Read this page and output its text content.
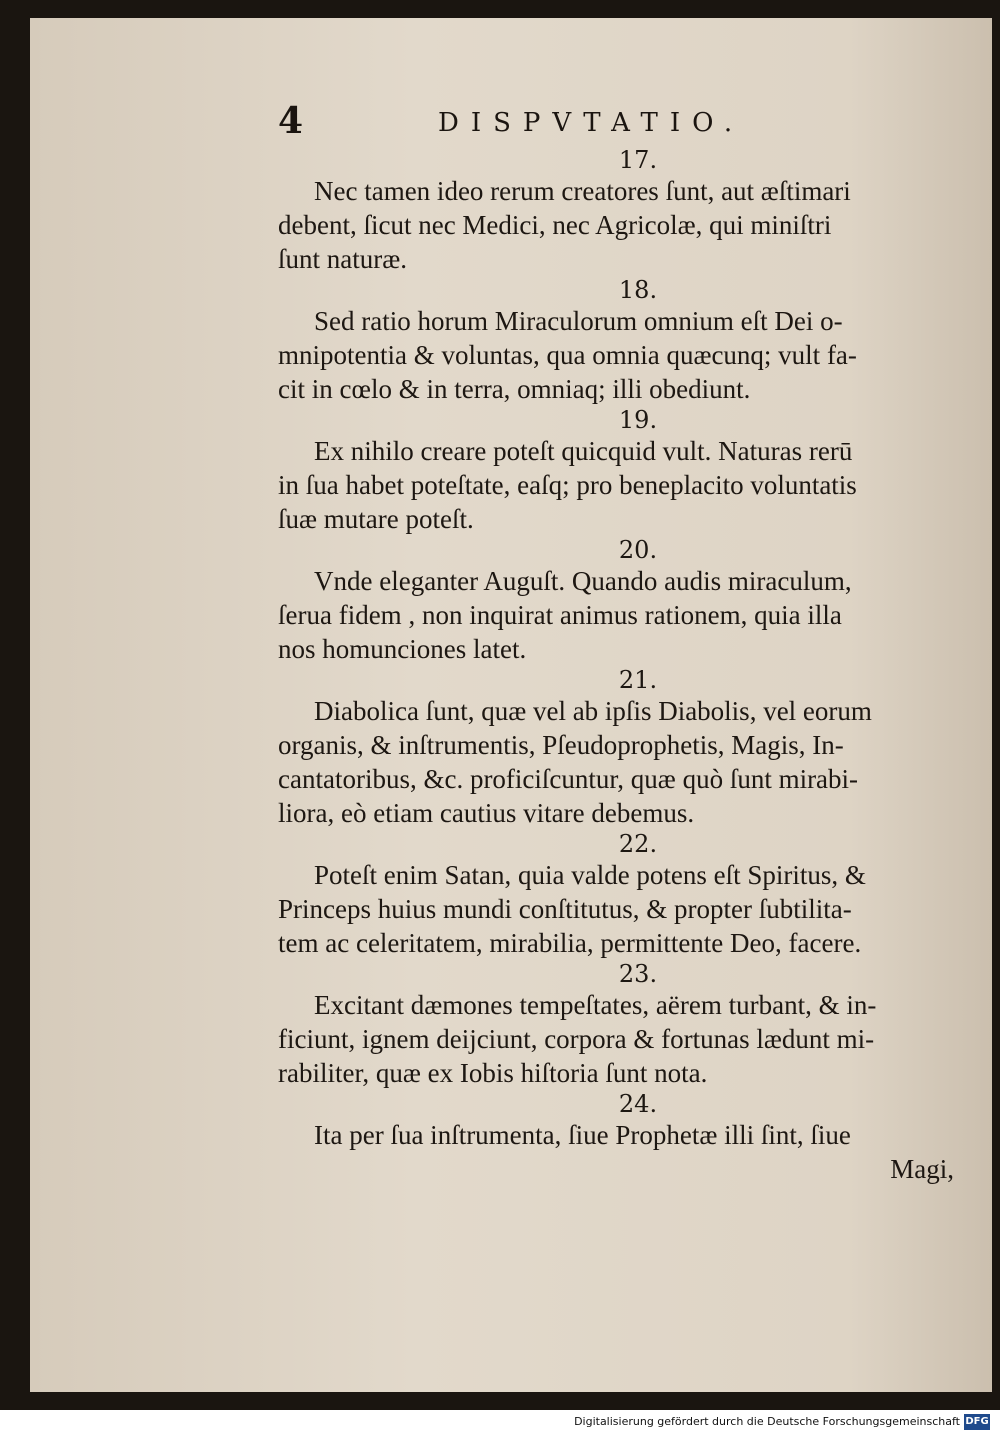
4	DISPVTATIO.
17.
Nec tamen ideo rerum creatores ſunt, aut æſtimari
debent, ſicut nec Medici, nec Agricolæ, qui miniſtri
ſunt naturæ.
18.
Sed ratio horum Miraculorum omnium eſt Dei o-
mnipotentia & voluntas, qua omnia quæcunq; vult fa-
cit in cœlo & in terra, omniaq; illi obediunt.
19.
Ex nihilo creare poteſt quicquid vult. Naturas rerū
in ſua habet poteſtate, eaſq; pro beneplacito voluntatis
ſuæ mutare poteſt.
20.
Vnde eleganter Auguſt. Quando audis miraculum,
ſerua fidem , non inquirat animus rationem, quia illa
nos homunciones latet.
21.
Diabolica ſunt, quæ vel ab ipſis Diabolis, vel eorum
organis, & inſtrumentis, Pſeudoprophetis, Magis, In-
cantatoribus, &c. proficiſcuntur, quæ quò ſunt mirabi-
liora, eò etiam cautius vitare debemus.
22.
Poteſt enim Satan, quia valde potens eſt Spiritus, &
Princeps huius mundi conſtitutus, & propter ſubtilita-
tem ac celeritatem, mirabilia, permittente Deo, facere.
23.
Excitant dæmones tempeſtates, aërem turbant, & in-
ficiunt, ignem deijciunt, corpora & fortunas lædunt mi-
rabiliter, quæ ex Iobis hiſtoria ſunt nota.
24.
Ita per ſua inſtrumenta, ſiue Prophetæ illi ſint, ſiue
Magi,
Digitalisierung gefördert durch die Deutsche Forschungsgemeinschaft DFG
